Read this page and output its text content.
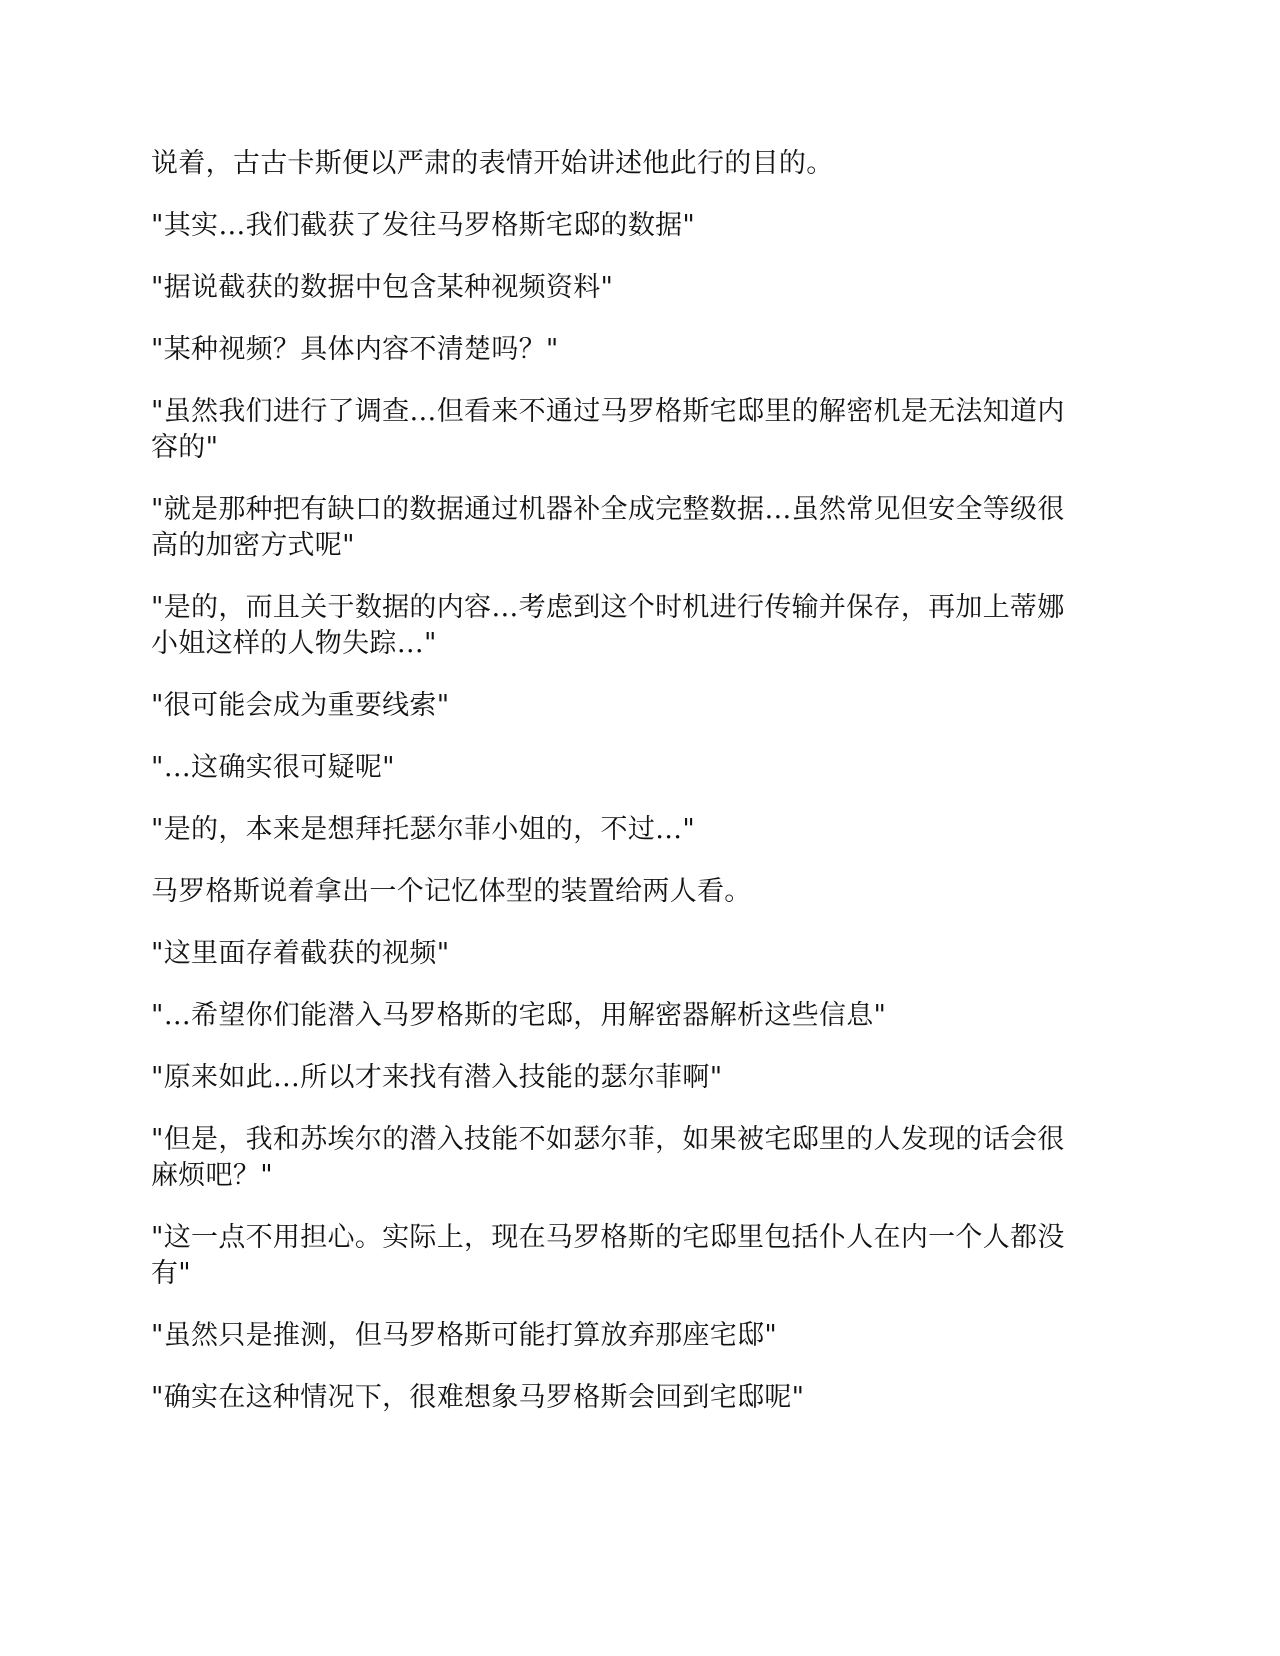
说着，古古卡斯便以严肃的表情开始讲述他此行的目的。

"其实…我们截获了发往马罗格斯宅邸的数据"

"据说截获的数据中包含某种视频资料"

"某种视频？具体内容不清楚吗？"

"虽然我们进行了调查…但看来不通过马罗格斯宅邸里的解密机是无法知道内
容的"

"就是那种把有缺口的数据通过机器补全成完整数据…虽然常见但安全等级很
高的加密方式呢"

"是的，而且关于数据的内容…考虑到这个时机进行传输并保存，再加上蒂娜
小姐这样的人物失踪…"

"很可能会成为重要线索"

"…这确实很可疑呢"

"是的，本来是想拜托瑟尔菲小姐的，不过…"

马罗格斯说着拿出一个记忆体型的装置给两人看。

"这里面存着截获的视频"

"…希望你们能潜入马罗格斯的宅邸，用解密器解析这些信息"

"原来如此…所以才来找有潜入技能的瑟尔菲啊"

"但是，我和苏埃尔的潜入技能不如瑟尔菲，如果被宅邸里的人发现的话会很
麻烦吧？"

"这一点不用担心。实际上，现在马罗格斯的宅邸里包括仆人在内一个人都没
有"

"虽然只是推测，但马罗格斯可能打算放弃那座宅邸"

"确实在这种情况下，很难想象马罗格斯会回到宅邸呢"
